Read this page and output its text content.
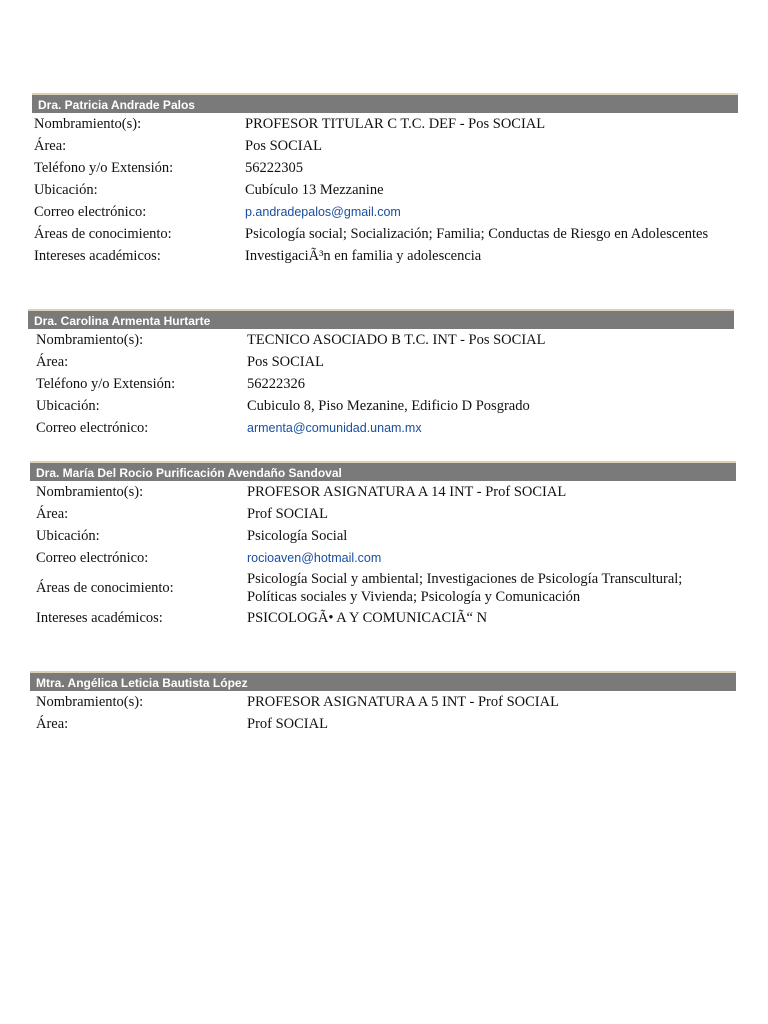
Dra. Patricia Andrade Palos
Nombramiento(s):	PROFESOR TITULAR C T.C. DEF - Pos SOCIAL
Área:	Pos SOCIAL
Teléfono y/o Extensión:	56222305
Ubicación:	Cubículo 13 Mezzanine
Correo electrónico:	p.andradepalos@gmail.com
Áreas de conocimiento:	Psicología social; Socialización; Familia; Conductas de Riesgo en Adolescentes
Intereses académicos:	InvestigaciÃ³n en familia y adolescencia
Dra. Carolina Armenta Hurtarte
Nombramiento(s):	TECNICO ASOCIADO B T.C. INT - Pos SOCIAL
Área:	Pos SOCIAL
Teléfono y/o Extensión:	56222326
Ubicación:	Cubiculo 8, Piso Mezanine, Edificio D Posgrado
Correo electrónico:	armenta@comunidad.unam.mx
Dra. María Del Rocio Purificación Avendaño Sandoval
Nombramiento(s):	PROFESOR ASIGNATURA A 14 INT - Prof SOCIAL
Área:	Prof SOCIAL
Ubicación:	Psicología Social
Correo electrónico:	rocioaven@hotmail.com
Áreas de conocimiento:
Psicología Social y ambiental; Investigaciones de Psicología Transcultural; Políticas sociales y Vivienda; Psicología y Comunicación
Intereses académicos:	PSICOLOGÃ• A Y COMUNICACIÃ“ N
Mtra. Angélica Leticia Bautista López
Nombramiento(s):	PROFESOR ASIGNATURA A 5 INT - Prof SOCIAL
Área:	Prof SOCIAL
